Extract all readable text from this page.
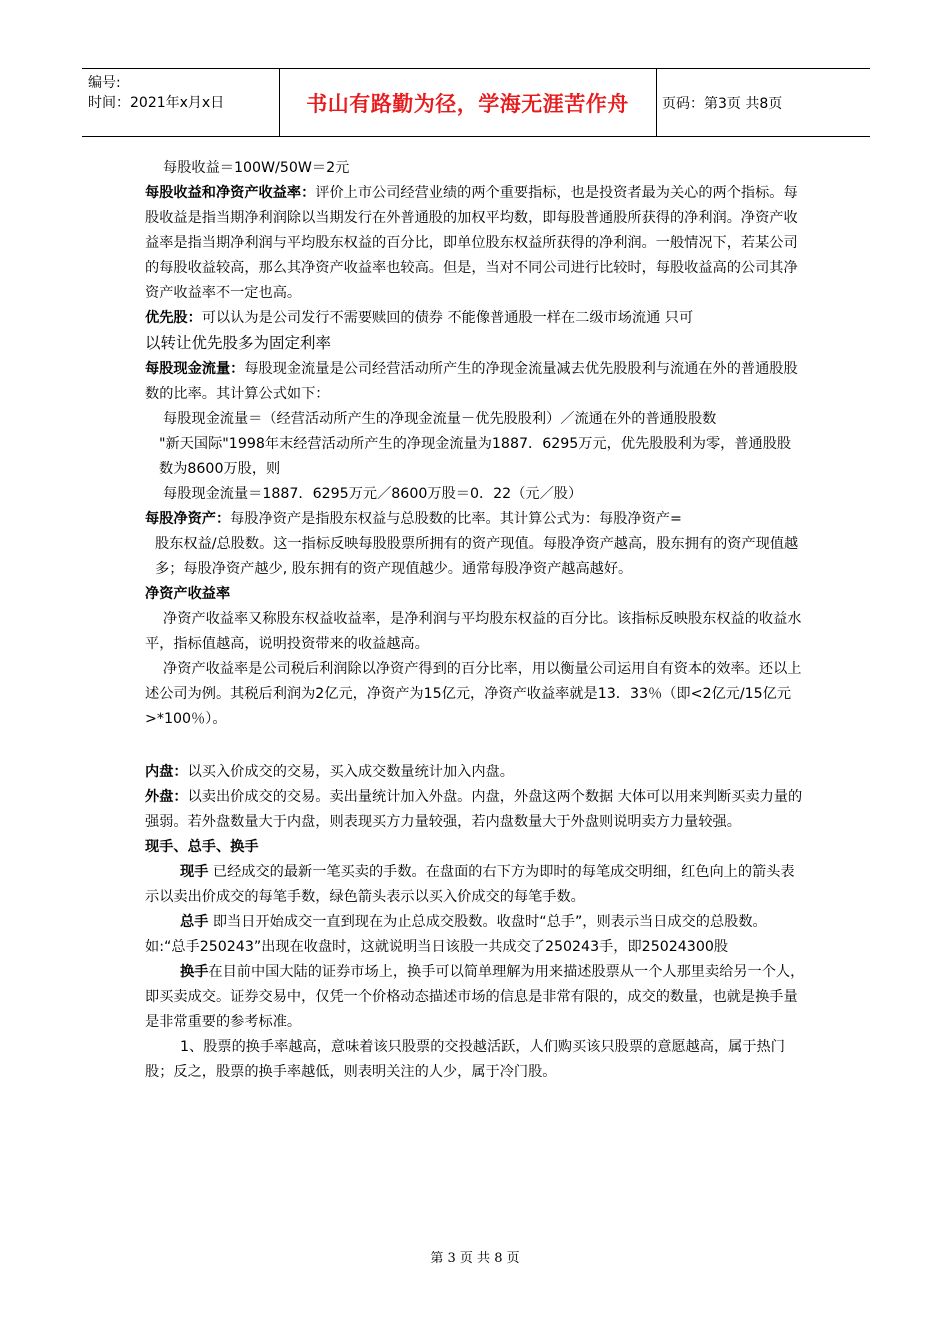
编号:
时间：2021年x月x日	书山有路勤为径，学海无涯苦作舟	页码：第3页 共8页

每股收益＝100W/50W＝2元

每股收益和净资产收益率：评价上市公司经营业绩的两个重要指标，也是投资者最为关心的两个指标。每股收益是指当期净利润除以当期发行在外普通股的加权平均数，即每股普通股所获得的净利润。净资产收益率是指当期净利润与平均股东权益的百分比，即单位股东权益所获得的净利润。一般情况下，若某公司的每股收益较高，那么其净资产收益率也较高。但是，当对不同公司进行比较时，每股收益高的公司其净资产收益率不一定也高。

优先股：可以认为是公司发行不需要赎回的债券 不能像普通股一样在二级市场流通 只可
以转让优先股多为固定利率

每股现金流量：每股现金流量是公司经营活动所产生的净现金流量减去优先股股利与流通在外的普通股股数的比率。其计算公式如下：

每股现金流量＝（经营活动所产生的净现金流量－优先股股利）／流通在外的普通股股数

"新天国际"1998年末经营活动所产生的净现金流量为1887．6295万元，优先股股利为零，普通股股数为8600万股，则

每股现金流量＝1887．6295万元／8600万股＝0．22（元／股）

每股净资产：每股净资产是指股东权益与总股数的比率。其计算公式为：每股净资产=

股东权益/总股数。这一指标反映每股股票所拥有的资产现值。每股净资产越高，股东拥有的资产现值越多；每股净资产越少, 股东拥有的资产现值越少。通常每股净资产越高越好。

净资产收益率

净资产收益率又称股东权益收益率，是净利润与平均股东权益的百分比。该指标反映股东权益的收益水平，指标值越高，说明投资带来的收益越高。

净资产收益率是公司税后利润除以净资产得到的百分比率，用以衡量公司运用自有资本的效率。还以上述公司为例。其税后利润为2亿元，净资产为15亿元，净资产收益率就是13．33％（即<2亿元/15亿元>*100％）。

内盘：以买入价成交的交易，买入成交数量统计加入内盘。

外盘：以卖出价成交的交易。卖出量统计加入外盘。内盘，外盘这两个数据 大体可以用来判断买卖力量的强弱。若外盘数量大于内盘，则表现买方力量较强，若内盘数量大于外盘则说明卖方力量较强。

现手、总手、换手

现手 已经成交的最新一笔买卖的手数。在盘面的右下方为即时的每笔成交明细，红色向上的箭头表示以卖出价成交的每笔手数，绿色箭头表示以买入价成交的每笔手数。

总手 即当日开始成交一直到现在为止总成交股数。收盘时“总手”，则表示当日成交的总股数。如:“总手250243”出现在收盘时，这就说明当日该股一共成交了250243手，即25024300股

换手在目前中国大陆的证券市场上，换手可以简单理解为用来描述股票从一个人那里卖给另一个人，即买卖成交。证券交易中，仅凭一个价格动态描述市场的信息是非常有限的，成交的数量，也就是换手量是非常重要的参考标准。

1、股票的换手率越高，意味着该只股票的交投越活跃，人们购买该只股票的意愿越高，属于热门股；反之，股票的换手率越低，则表明关注的人少，属于冷门股。

第 3 页 共 8 页
